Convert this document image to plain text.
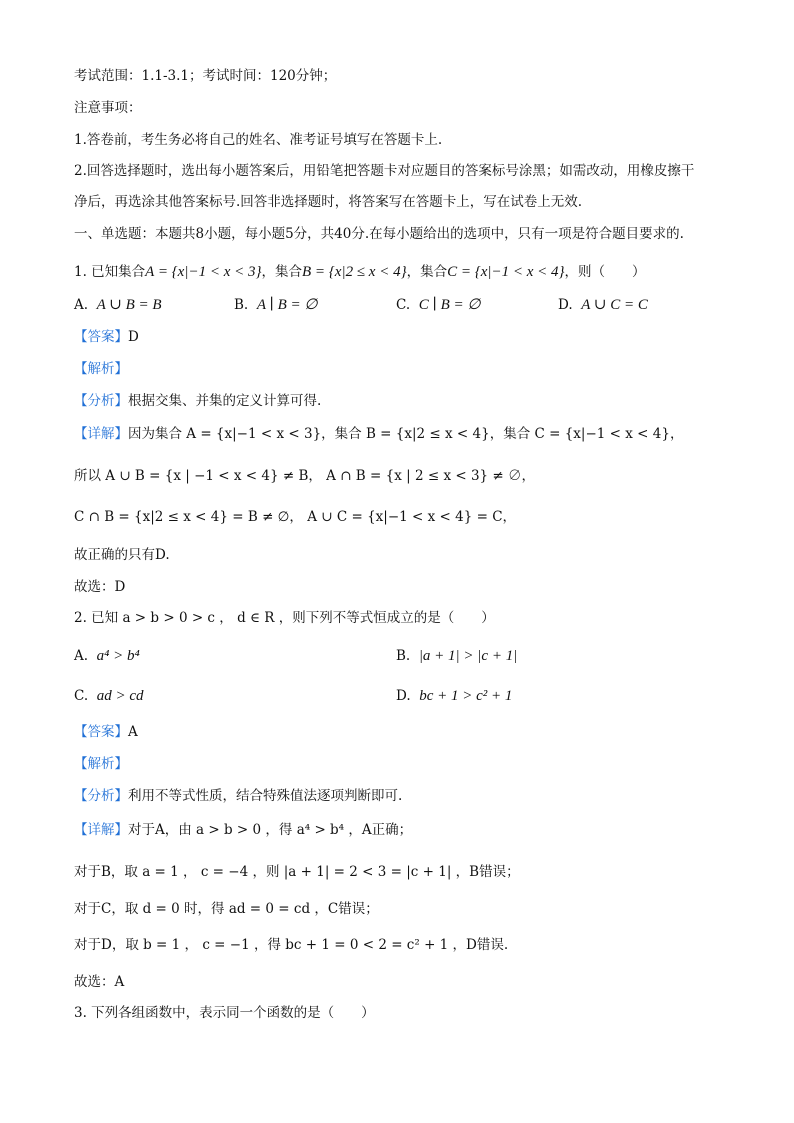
考试范围：1.1-3.1；考试时间：120分钟；
注意事项：
1.答卷前，考生务必将自己的姓名、准考证号填写在答题卡上.
2.回答选择题时，选出每小题答案后，用铅笔把答题卡对应题目的答案标号涂黑；如需改动，用橡皮擦干
净后，再选涂其他答案标号.回答非选择题时，将答案写在答题卡上，写在试卷上无效.
一、单选题：本题共8小题，每小题5分，共40分.在每小题给出的选项中，只有一项是符合题目要求的.
1. 已知集合A = {x|−1 < x < 3}，集合B = {x|2 ≤ x < 4}，集合C = {x|−1 < x < 4}，则（　　）
A. A ∪ B = B	B. A ∣ B = ∅	C. C ∣ B = ∅	D. A ∪ C = C
【答案】D
【解析】
【分析】根据交集、并集的定义计算可得.
【详解】因为集合 A = {x|−1 < x < 3}，集合 B = {x|2 ≤ x < 4}，集合 C = {x|−1 < x < 4}，
所以 A ∪ B = {x | −1 < x < 4} ≠ B， A ∩ B = {x | 2 ≤ x < 3} ≠ ∅，
C ∩ B = {x|2 ≤ x < 4} = B ≠ ∅， A ∪ C = {x|−1 < x < 4} = C，
故正确的只有D.
故选：D
2. 已知 a > b > 0 > c ， d ∈ R ，则下列不等式恒成立的是（　　）
A. a⁴ > b⁴	B. |a + 1| > |c + 1|
C. ad > cd	D. bc + 1 > c² + 1
【答案】A
【解析】
【分析】利用不等式性质，结合特殊值法逐项判断即可.
【详解】对于A，由 a > b > 0 ，得 a⁴ > b⁴ ，A正确；
对于B，取 a = 1 ， c = −4 ，则 |a + 1| = 2 < 3 = |c + 1| ，B错误；
对于C，取 d = 0 时，得 ad = 0 = cd ，C错误；
对于D，取 b = 1 ， c = −1 ，得 bc + 1 = 0 < 2 = c² + 1 ，D错误.
故选：A
3. 下列各组函数中，表示同一个函数的是（　　）
